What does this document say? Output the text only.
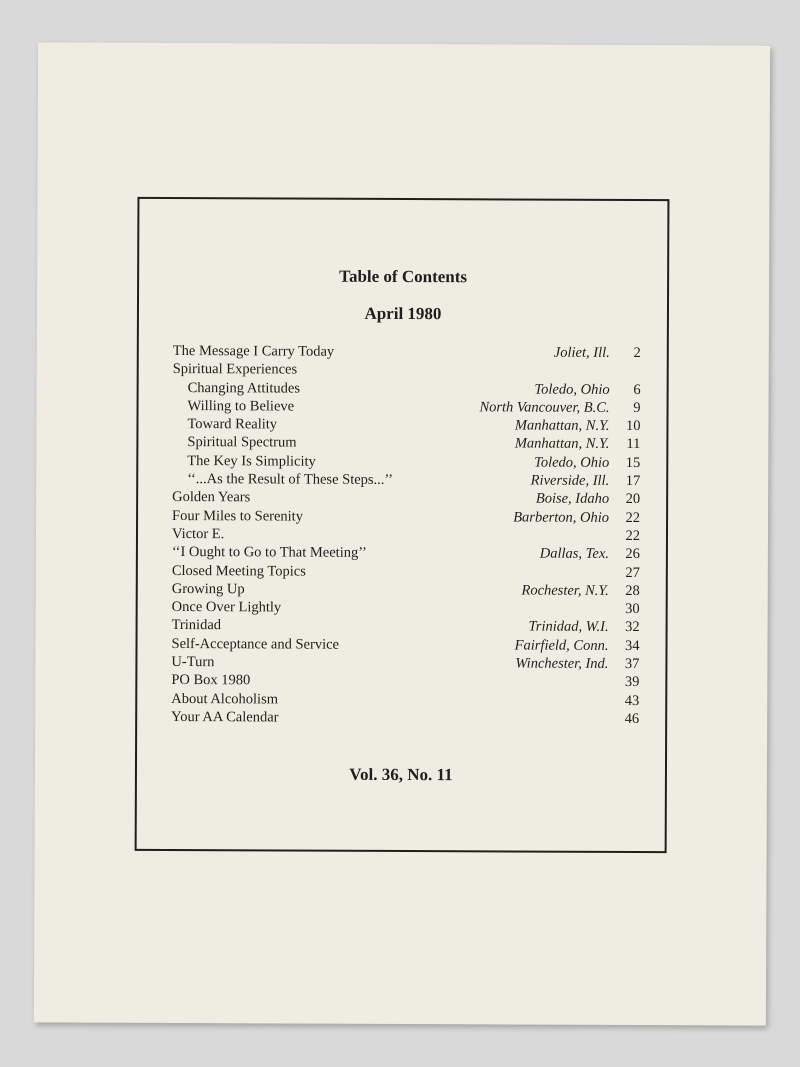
Table of Contents
April 1980
The Message I Carry Today	Joliet, Ill. 2
Spiritual Experiences
Changing Attitudes	Toledo, Ohio 6
Willing to Believe	North Vancouver, B.C. 9
Toward Reality	Manhattan, N.Y. 10
Spiritual Spectrum	Manhattan, N.Y. 11
The Key Is Simplicity	Toledo, Ohio 15
‘‘...As the Result of These Steps...’’	Riverside, Ill. 17
Golden Years	Boise, Idaho 20
Four Miles to Serenity	Barberton, Ohio 22
Victor E.	22
‘‘I Ought to Go to That Meeting’’	Dallas, Tex. 26
Closed Meeting Topics	27
Growing Up	Rochester, N.Y. 28
Once Over Lightly	30
Trinidad	Trinidad, W.I. 32
Self-Acceptance and Service	Fairfield, Conn. 34
U-Turn	Winchester, Ind. 37
PO Box 1980	39
About Alcoholism	43
Your AA Calendar	46
Vol. 36, No. 11
